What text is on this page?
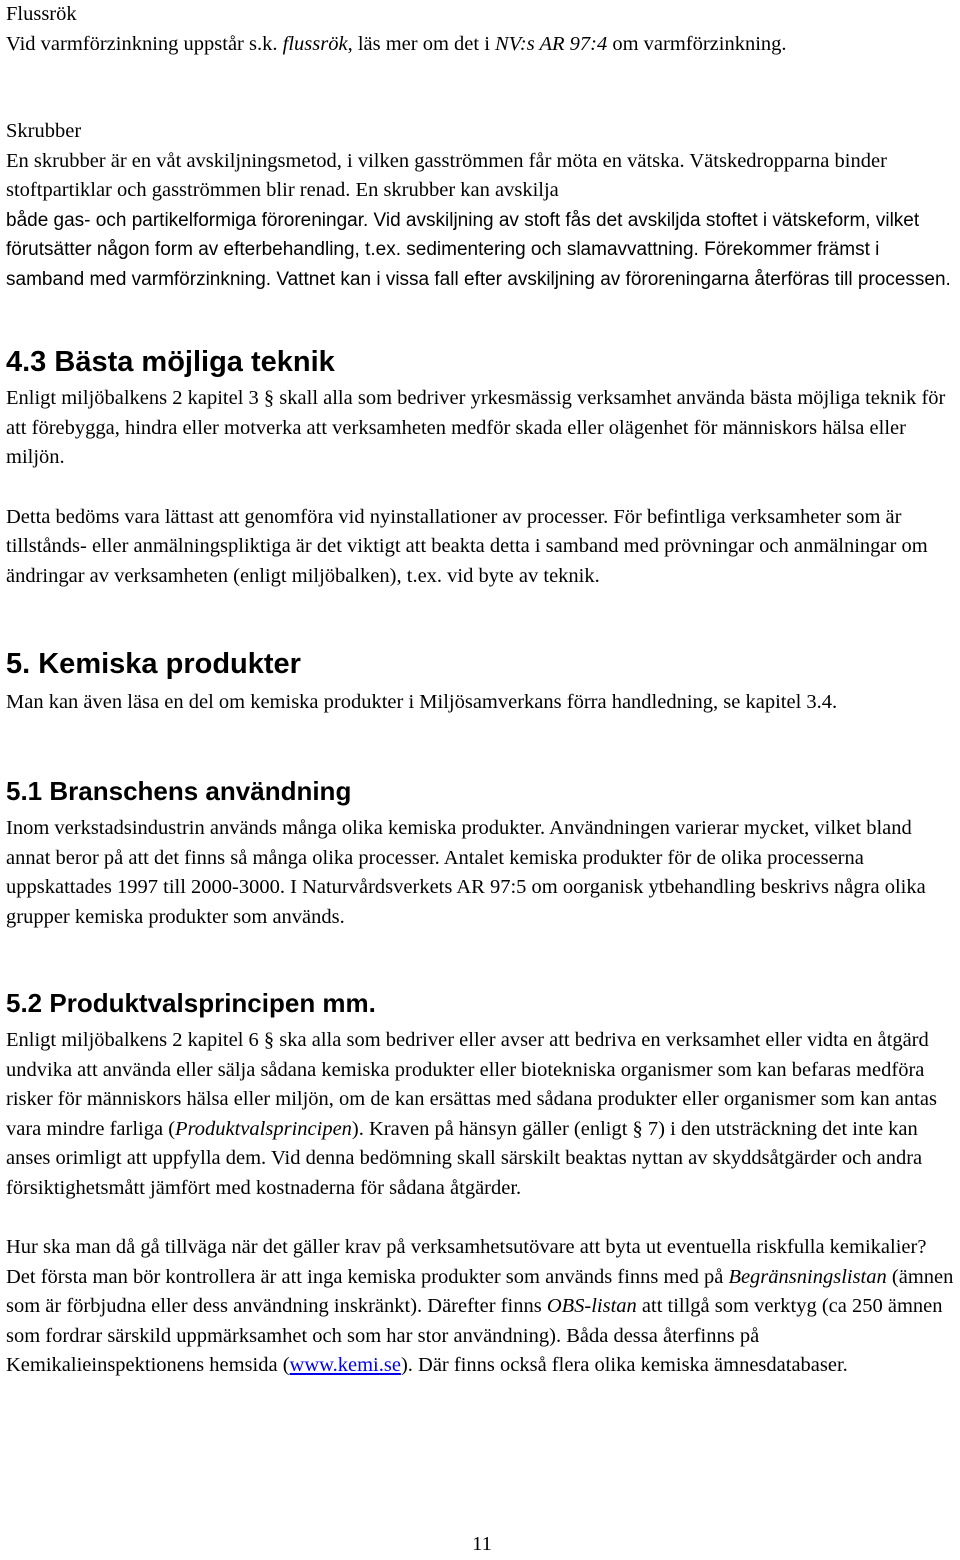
Flussrök

Vid varmförzinkning uppstår s.k. flussrök, läs mer om det i NV:s AR 97:4 om varmförzinkning.

Skrubber

En skrubber är en våt avskiljningsmetod, i vilken gasströmmen får möta en vätska. Vätskedropparna binder stoftpartiklar och gasströmmen blir renad. En skrubber kan avskilja

både gas- och partikelformiga föroreningar. Vid avskiljning av stoft fås det avskiljda stoftet i vätskeform, vilket förutsätter någon form av efterbehandling, t.ex. sedimentering och slamavvattning. Förekommer främst i samband med varmförzinkning. Vattnet kan i vissa fall efter avskiljning av föroreningarna återföras till processen.

4.3 Bästa möjliga teknik

Enligt miljöbalkens 2 kapitel 3 § skall alla som bedriver yrkesmässig verksamhet använda bästa möjliga teknik för att förebygga, hindra eller motverka att verksamheten medför skada eller olägenhet för människors hälsa eller miljön.

Detta bedöms vara lättast att genomföra vid nyinstallationer av processer. För befintliga verksamheter som är tillstånds- eller anmälningspliktiga är det viktigt att beakta detta i samband med prövningar och anmälningar om ändringar av verksamheten (enligt miljöbalken), t.ex. vid byte av teknik.

5. Kemiska produkter

Man kan även läsa en del om kemiska produkter i Miljösamverkans förra handledning, se kapitel 3.4.

5.1 Branschens användning

Inom verkstadsindustrin används många olika kemiska produkter. Användningen varierar mycket, vilket bland annat beror på att det finns så många olika processer. Antalet kemiska produkter för de olika processerna uppskattades 1997 till 2000-3000. I Naturvårdsverkets AR 97:5 om oorganisk ytbehandling beskrivs några olika grupper kemiska produkter som används.

5.2 Produktvalsprincipen mm.

Enligt miljöbalkens 2 kapitel 6 § ska alla som bedriver eller avser att bedriva en verksamhet eller vidta en åtgärd undvika att använda eller sälja sådana kemiska produkter eller biotekniska organismer som kan befaras medföra risker för människors hälsa eller miljön, om de kan ersättas med sådana produkter eller organismer som kan antas vara mindre farliga (Produktvalsprincipen). Kraven på hänsyn gäller (enligt § 7) i den utsträckning det inte kan anses orimligt att uppfylla dem. Vid denna bedömning skall särskilt beaktas nyttan av skyddsåtgärder och andra försiktighetsmått jämfört med kostnaderna för sådana åtgärder.

Hur ska man då gå tillväga när det gäller krav på verksamhetsutövare att byta ut eventuella riskfulla kemikalier? Det första man bör kontrollera är att inga kemiska produkter som används finns med på Begränsningslistan (ämnen som är förbjudna eller dess användning inskränkt). Därefter finns OBS-listan att tillgå som verktyg (ca 250 ämnen som fordrar särskild uppmärksamhet och som har stor användning). Båda dessa återfinns på Kemikalieinspektionens hemsida (www.kemi.se). Där finns också flera olika kemiska ämnesdatabaser.

11
